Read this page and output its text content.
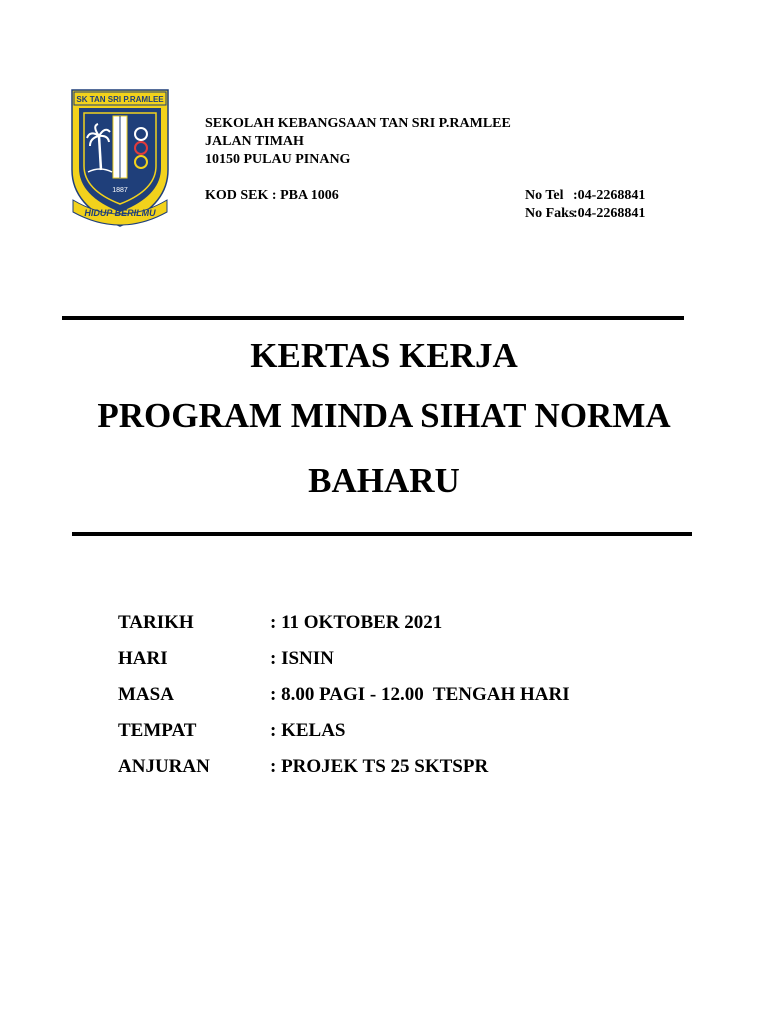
SK TAN SRI P.RAMLEE
1887
HIDUP BERILMU
SEKOLAH KEBANGSAAN TAN SRI P.RAMLEE
JALAN TIMAH
10150 PULAU PINANG
KOD SEK : PBA 1006	No Tel :04-2268841
No Faks:04-2268841
KERTAS KERJA
PROGRAM MINDA SIHAT NORMA
BAHARU
TARIKH	: 11 OKTOBER 2021
HARI	: ISNIN
MASA	: 8.00 PAGI - 12.00  TENGAH HARI
TEMPAT	: KELAS
ANJURAN	: PROJEK TS 25 SKTSPR
